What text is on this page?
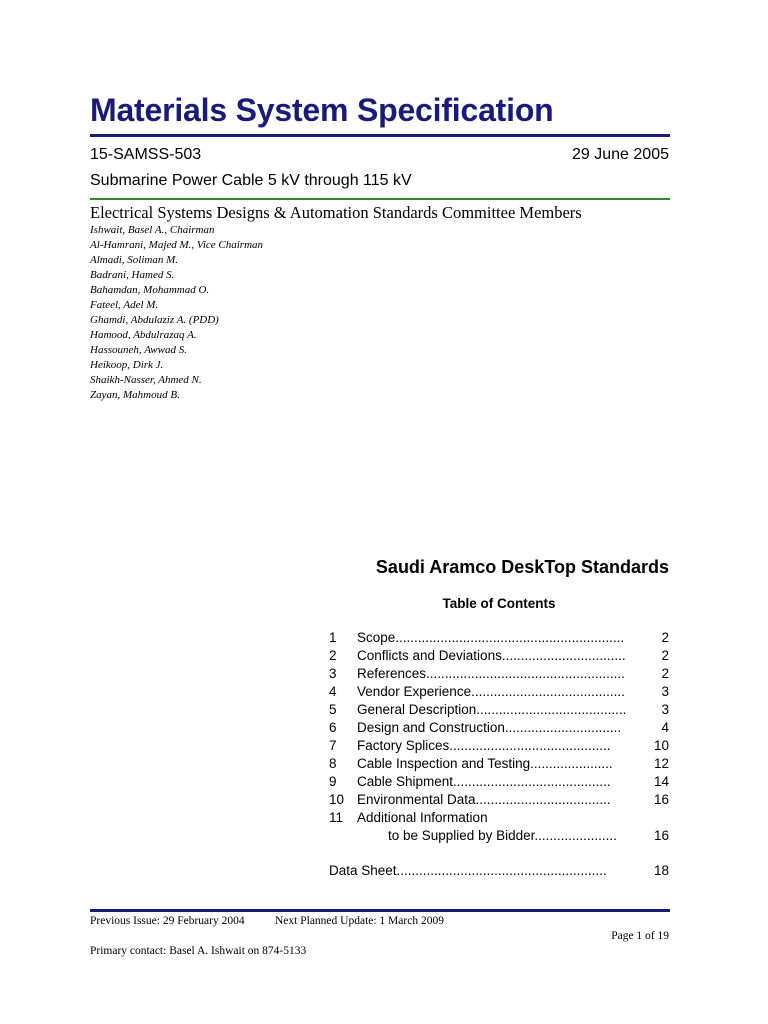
Materials System Specification
15-SAMSS-503	29 June 2005
Submarine Power Cable 5 kV through 115 kV
Electrical Systems Designs & Automation Standards Committee Members
Ishwait, Basel A., Chairman
Al-Hamrani, Majed M., Vice Chairman
Almadi, Soliman M.
Badrani, Hamed S.
Bahamdan, Mohammad O.
Fateel, Adel M.
Ghamdi, Abdulaziz A. (PDD)
Hamood, Abdulrazaq A.
Hassouneh, Awwad S.
Heikoop, Dirk J.
Shaikh-Nasser, Ahmed N.
Zayan, Mahmoud B.
Saudi Aramco DeskTop Standards
Table of Contents
1 Scope.............................................................	2
2 Conflicts and Deviations.................................	2
3 References.....................................................	2
4 Vendor Experience.........................................	3
5 General Description........................................	3
6 Design and Construction...............................	4
7 Factory Splices...........................................	10
8 Cable Inspection and Testing......................	12
9 Cable Shipment..........................................	14
10 Environmental Data....................................	16
11 Additional Information
to be Supplied by Bidder......................	16
Data Sheet........................................................	18
Previous Issue: 29 February 2004	Next Planned Update: 1 March 2009
Page 1 of 19
Primary contact: Basel A. Ishwait on 874-5133
